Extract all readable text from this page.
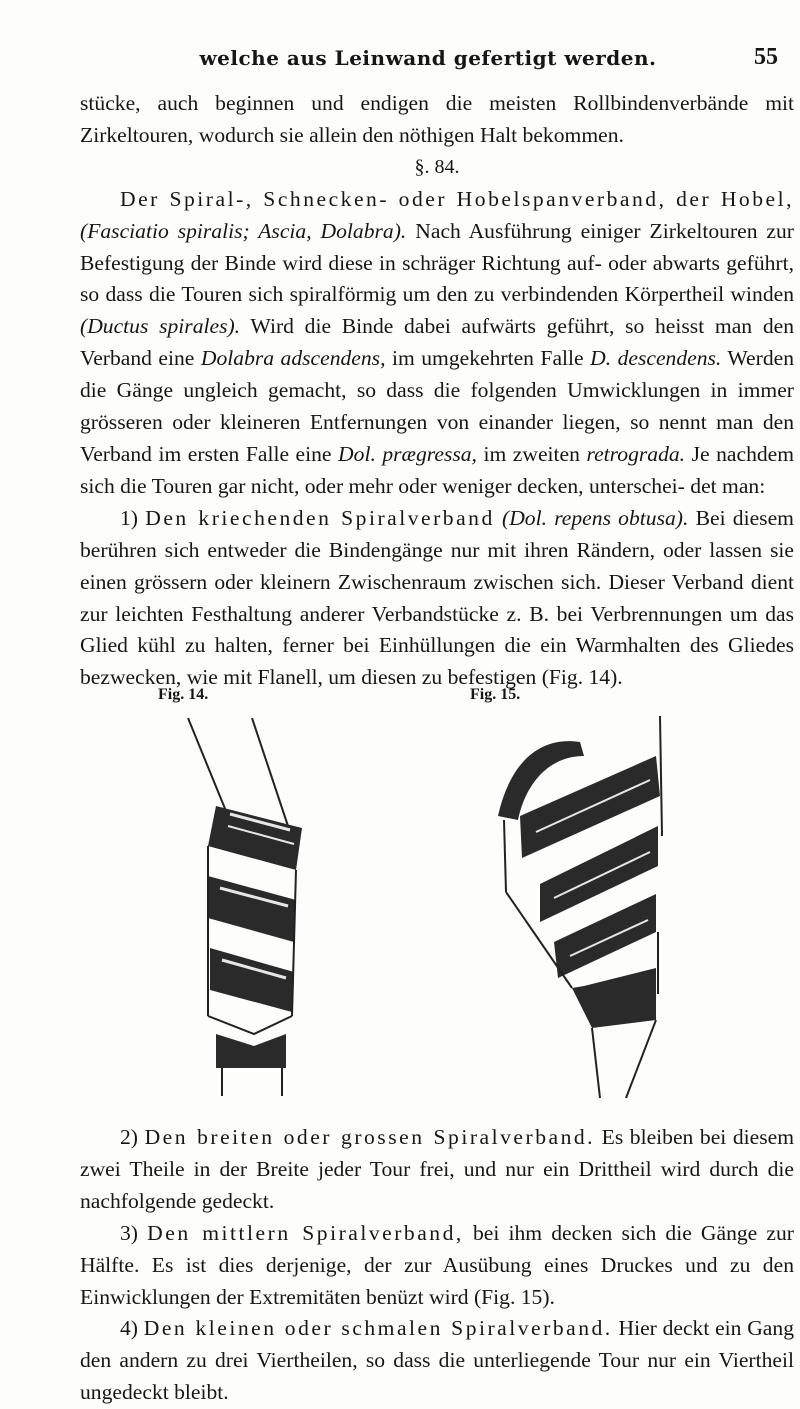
welche aus Leinwand gefertigt werden.	55

stücke, auch beginnen und endigen die meisten Rollbindenverbände mit Zirkeltouren, wodurch sie allein den nöthigen Halt bekommen.

§. 84.

Der Spiral-, Schnecken- oder Hobelspanverband, der Hobel, (Fasciatio spiralis; Ascia, Dolabra). Nach Ausführung einiger Zirkeltouren zur Befestigung der Binde wird diese in schräger Richtung auf- oder abwarts geführt, so dass die Touren sich spiralförmig um den zu verbindenden Körpertheil winden (Ductus spirales). Wird die Binde dabei aufwärts geführt, so heisst man den Verband eine Dolabra adscendens, im umgekehrten Falle D. descendens. Werden die Gänge ungleich gemacht, so dass die folgenden Umwicklungen in immer grösseren oder kleineren Entfernungen von einander liegen, so nennt man den Verband im ersten Falle eine Dol. prægressa, im zweiten retrograda. Je nachdem sich die Touren gar nicht, oder mehr oder weniger decken, unterschei- det man:

1) Den kriechenden Spiralverband (Dol. repens obtusa). Bei diesem berühren sich entweder die Bindengänge nur mit ihren Rändern, oder lassen sie einen grössern oder kleinern Zwischenraum zwischen sich. Dieser Verband dient zur leichten Festhaltung anderer Verbandstücke z. B. bei Verbrennungen um das Glied kühl zu halten, ferner bei Einhüllungen die ein Warmhalten des Gliedes bezwecken, wie mit Flanell, um diesen zu befestigen (Fig. 14).

Fig. 14.	Fig. 15.

2) Den breiten oder grossen Spiralverband. Es bleiben bei diesem zwei Theile in der Breite jeder Tour frei, und nur ein Drittheil wird durch die nachfolgende gedeckt.

3) Den mittlern Spiralverband, bei ihm decken sich die Gänge zur Hälfte. Es ist dies derjenige, der zur Ausübung eines Druckes und zu den Einwicklungen der Extremitäten benüzt wird (Fig. 15).

4) Den kleinen oder schmalen Spiralverband. Hier deckt ein Gang den andern zu drei Viertheilen, so dass die unterliegende Tour nur ein Viertheil ungedeckt bleibt.
